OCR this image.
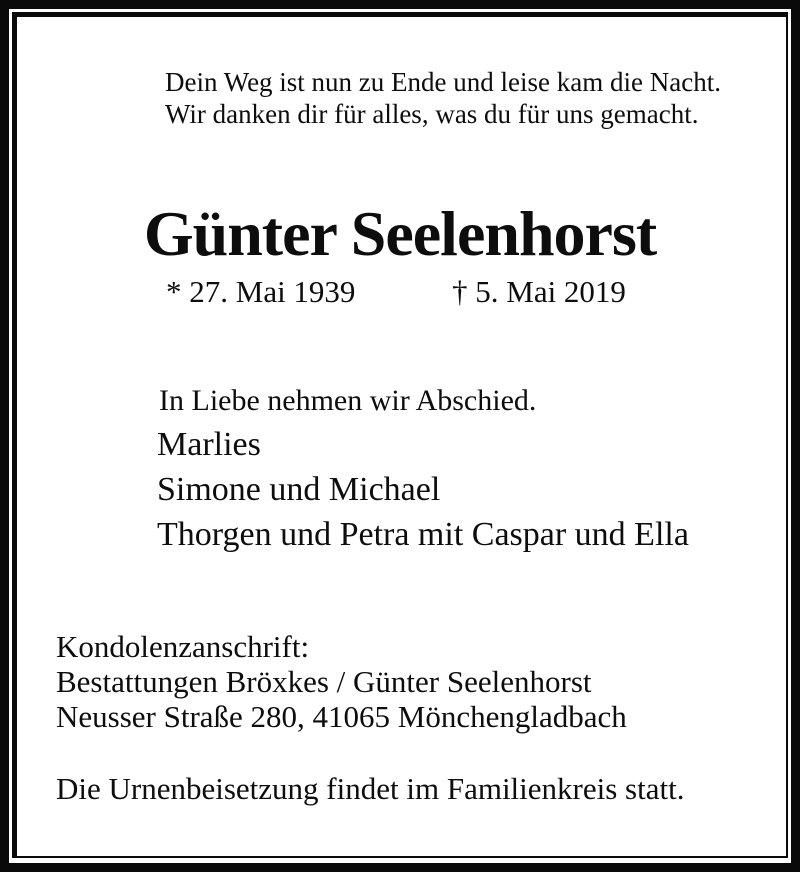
Dein Weg ist nun zu Ende und leise kam die Nacht.
Wir danken dir für alles, was du für uns gemacht.
Günter Seelenhorst
* 27. Mai 1939	† 5. Mai 2019
In Liebe nehmen wir Abschied.
Marlies
Simone und Michael
Thorgen und Petra mit Caspar und Ella
Kondolenzanschrift:
Bestattungen Bröxkes / Günter Seelenhorst
Neusser Straße 280, 41065 Mönchengladbach
Die Urnenbeisetzung findet im Familienkreis statt.
